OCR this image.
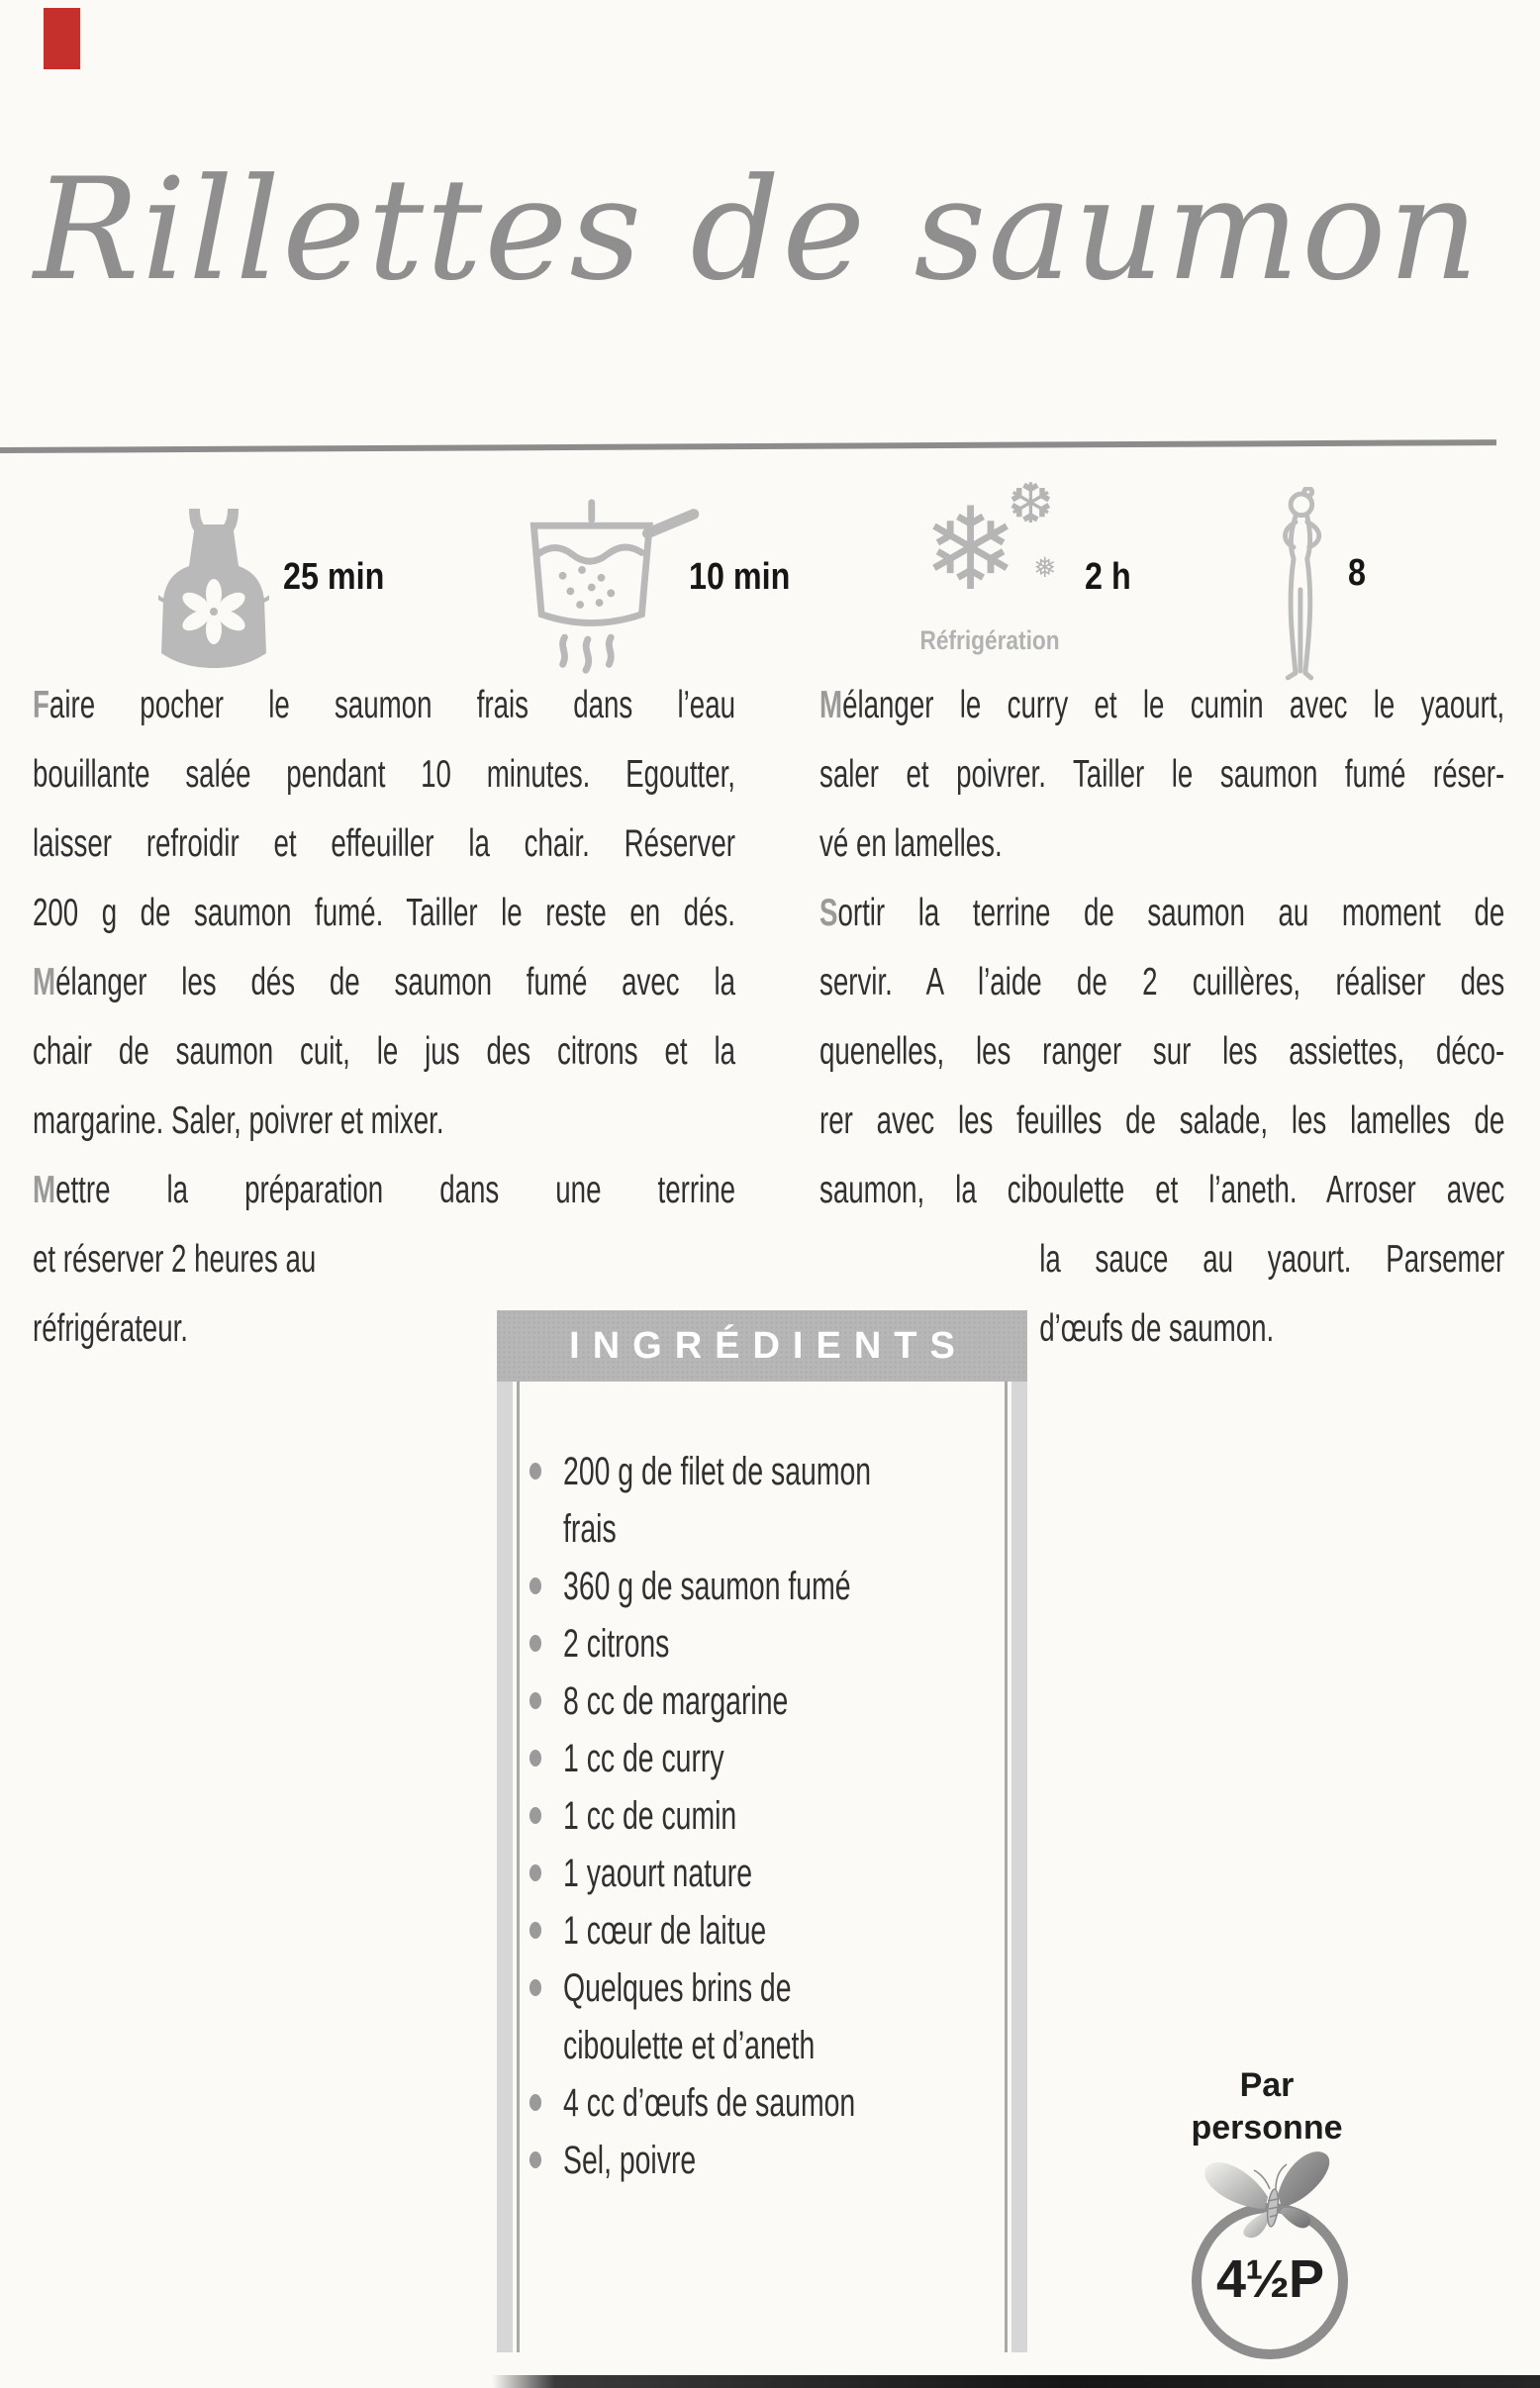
Rillettes de saumon
25 min	10 min ❄
❆
❅ 2 h
Réfrigération
8
Faire pocher le saumon frais dans l’eau
bouillante salée pendant 10 minutes. Egoutter,
laisser refroidir et effeuiller la chair. Réserver
200 g de saumon fumé. Tailler le reste en dés.
Mélanger les dés de saumon fumé avec la
chair de saumon cuit, le jus des citrons et la
margarine. Saler, poivrer et mixer.
Mettre la préparation dans une terrine
et réserver 2 heures au
réfrigérateur.
Mélanger le curry et le cumin avec le yaourt,
saler et poivrer. Tailler le saumon fumé réser-
vé en lamelles.
Sortir la terrine de saumon au moment de
servir. A l’aide de 2 cuillères, réaliser des
quenelles, les ranger sur les assiettes, déco-
rer avec les feuilles de salade, les lamelles de
saumon, la ciboulette et l’aneth. Arroser avec
la sauce au yaourt. Parsemer
d’œufs de saumon.
INGRÉDIENTS
200 g de filet de saumon
frais
360 g de saumon fumé
2 citrons
8 cc de margarine
1 cc de curry
1 cc de cumin
1 yaourt nature
1 cœur de laitue
Quelques brins de
ciboulette et d’aneth
4 cc d’œufs de saumon
Sel, poivre
Par
personne
4½P
